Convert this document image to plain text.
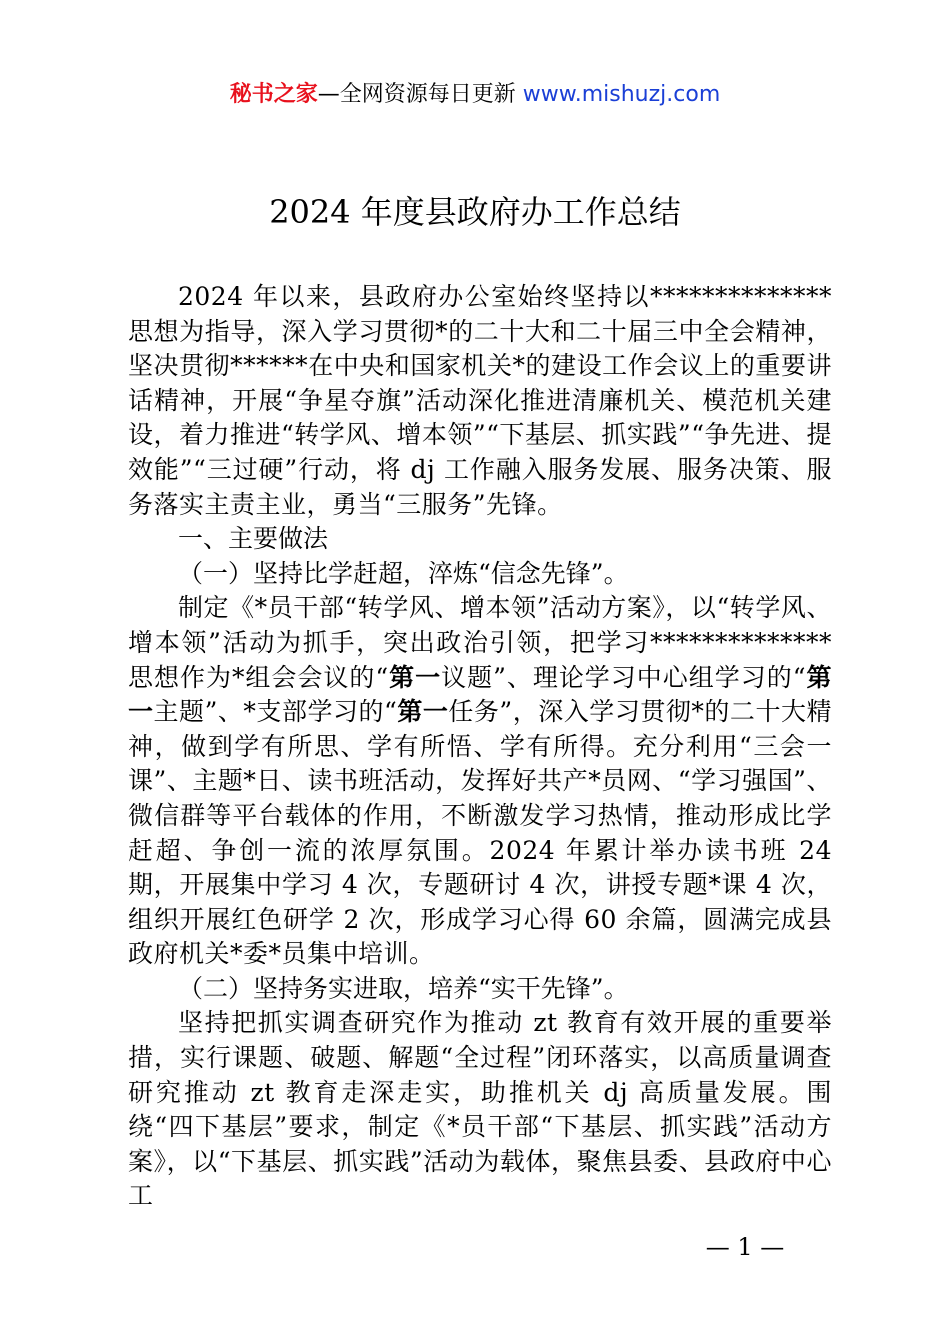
秘书之家—全网资源每日更新 www.mishuzj.com
2024 年度县政府办工作总结

2024 年以来，县政府办公室始终坚持以**************思想为指导，深入学习贯彻*的二十大和二十届三中全会精神，坚决贯彻******在中央和国家机关*的建设工作会议上的重要讲话精神，开展“争星夺旗”活动深化推进清廉机关、模范机关建设，着力推进“转学风、增本领”“下基层、抓实践”“争先进、提效能”“三过硬”行动，将 dj 工作融入服务发展、服务决策、服务落实主责主业，勇当“三服务”先锋。

一、主要做法

（一）坚持比学赶超，淬炼“信念先锋”。

制定《*员干部“转学风、增本领”活动方案》，以“转学风、增本领”活动为抓手，突出政治引领，把学习**************思想作为*组会会议的“第一议题”、理论学习中心组学习的“第一主题”、*支部学习的“第一任务”，深入学习贯彻*的二十大精神，做到学有所思、学有所悟、学有所得。充分利用“三会一课”、主题*日、读书班活动，发挥好共产*员网、“学习强国”、微信群等平台载体的作用，不断激发学习热情，推动形成比学赶超、争创一流的浓厚氛围。2024 年累计举办读书班 24 期，开展集中学习 4 次，专题研讨 4 次，讲授专题*课 4 次，组织开展红色研学 2 次，形成学习心得 60 余篇，圆满完成县政府机关*委*员集中培训。

（二）坚持务实进取，培养“实干先锋”。

坚持把抓实调查研究作为推动 zt 教育有效开展的重要举措，实行课题、破题、解题“全过程”闭环落实，以高质量调查研究推动 zt 教育走深走实，助推机关 dj 高质量发展。围绕“四下基层”要求，制定《*员干部“下基层、抓实践”活动方案》，以“下基层、抓实践”活动为载体，聚焦县委、县政府中心工

— 1 —
